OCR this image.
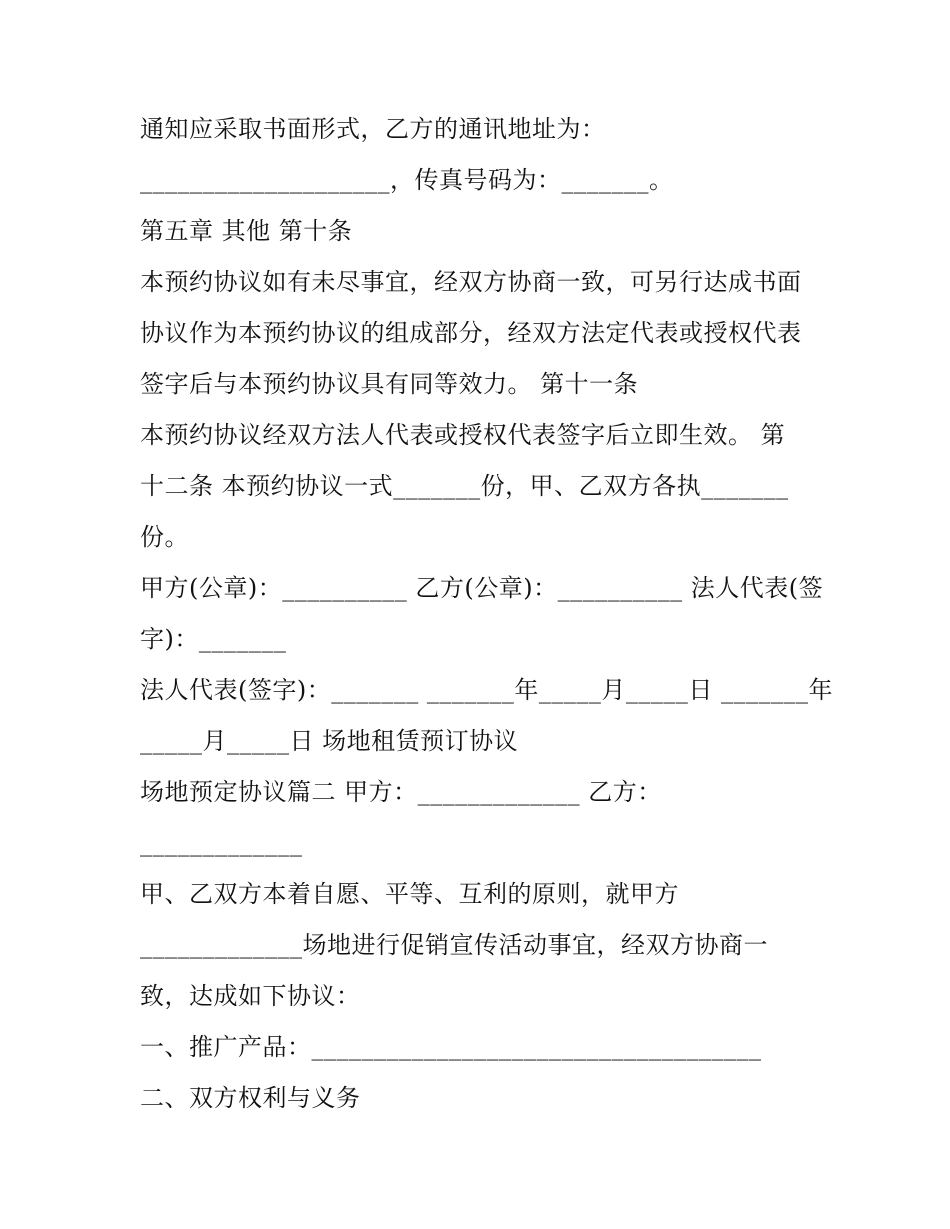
通知应采取书面形式，乙方的通讯地址为：
____________________，传真号码为：_______。
第五章 其他 第十条
本预约协议如有未尽事宜，经双方协商一致，可另行达成书面
协议作为本预约协议的组成部分，经双方法定代表或授权代表
签字后与本预约协议具有同等效力。 第十一条
本预约协议经双方法人代表或授权代表签字后立即生效。 第
十二条 本预约协议一式_______份，甲、乙双方各执_______
份。
甲方(公章)：__________ 乙方(公章)：__________ 法人代表(签
字)：_______
法人代表(签字)：_______ _______年_____月_____日 _______年
_____月_____日 场地租赁预订协议
场地预定协议篇二 甲方：_____________ 乙方：
_____________
甲、乙双方本着自愿、平等、互利的原则，就甲方
_____________场地进行促销宣传活动事宜，经双方协商一
致，达成如下协议：
一、推广产品：____________________________________
二、双方权利与义务
